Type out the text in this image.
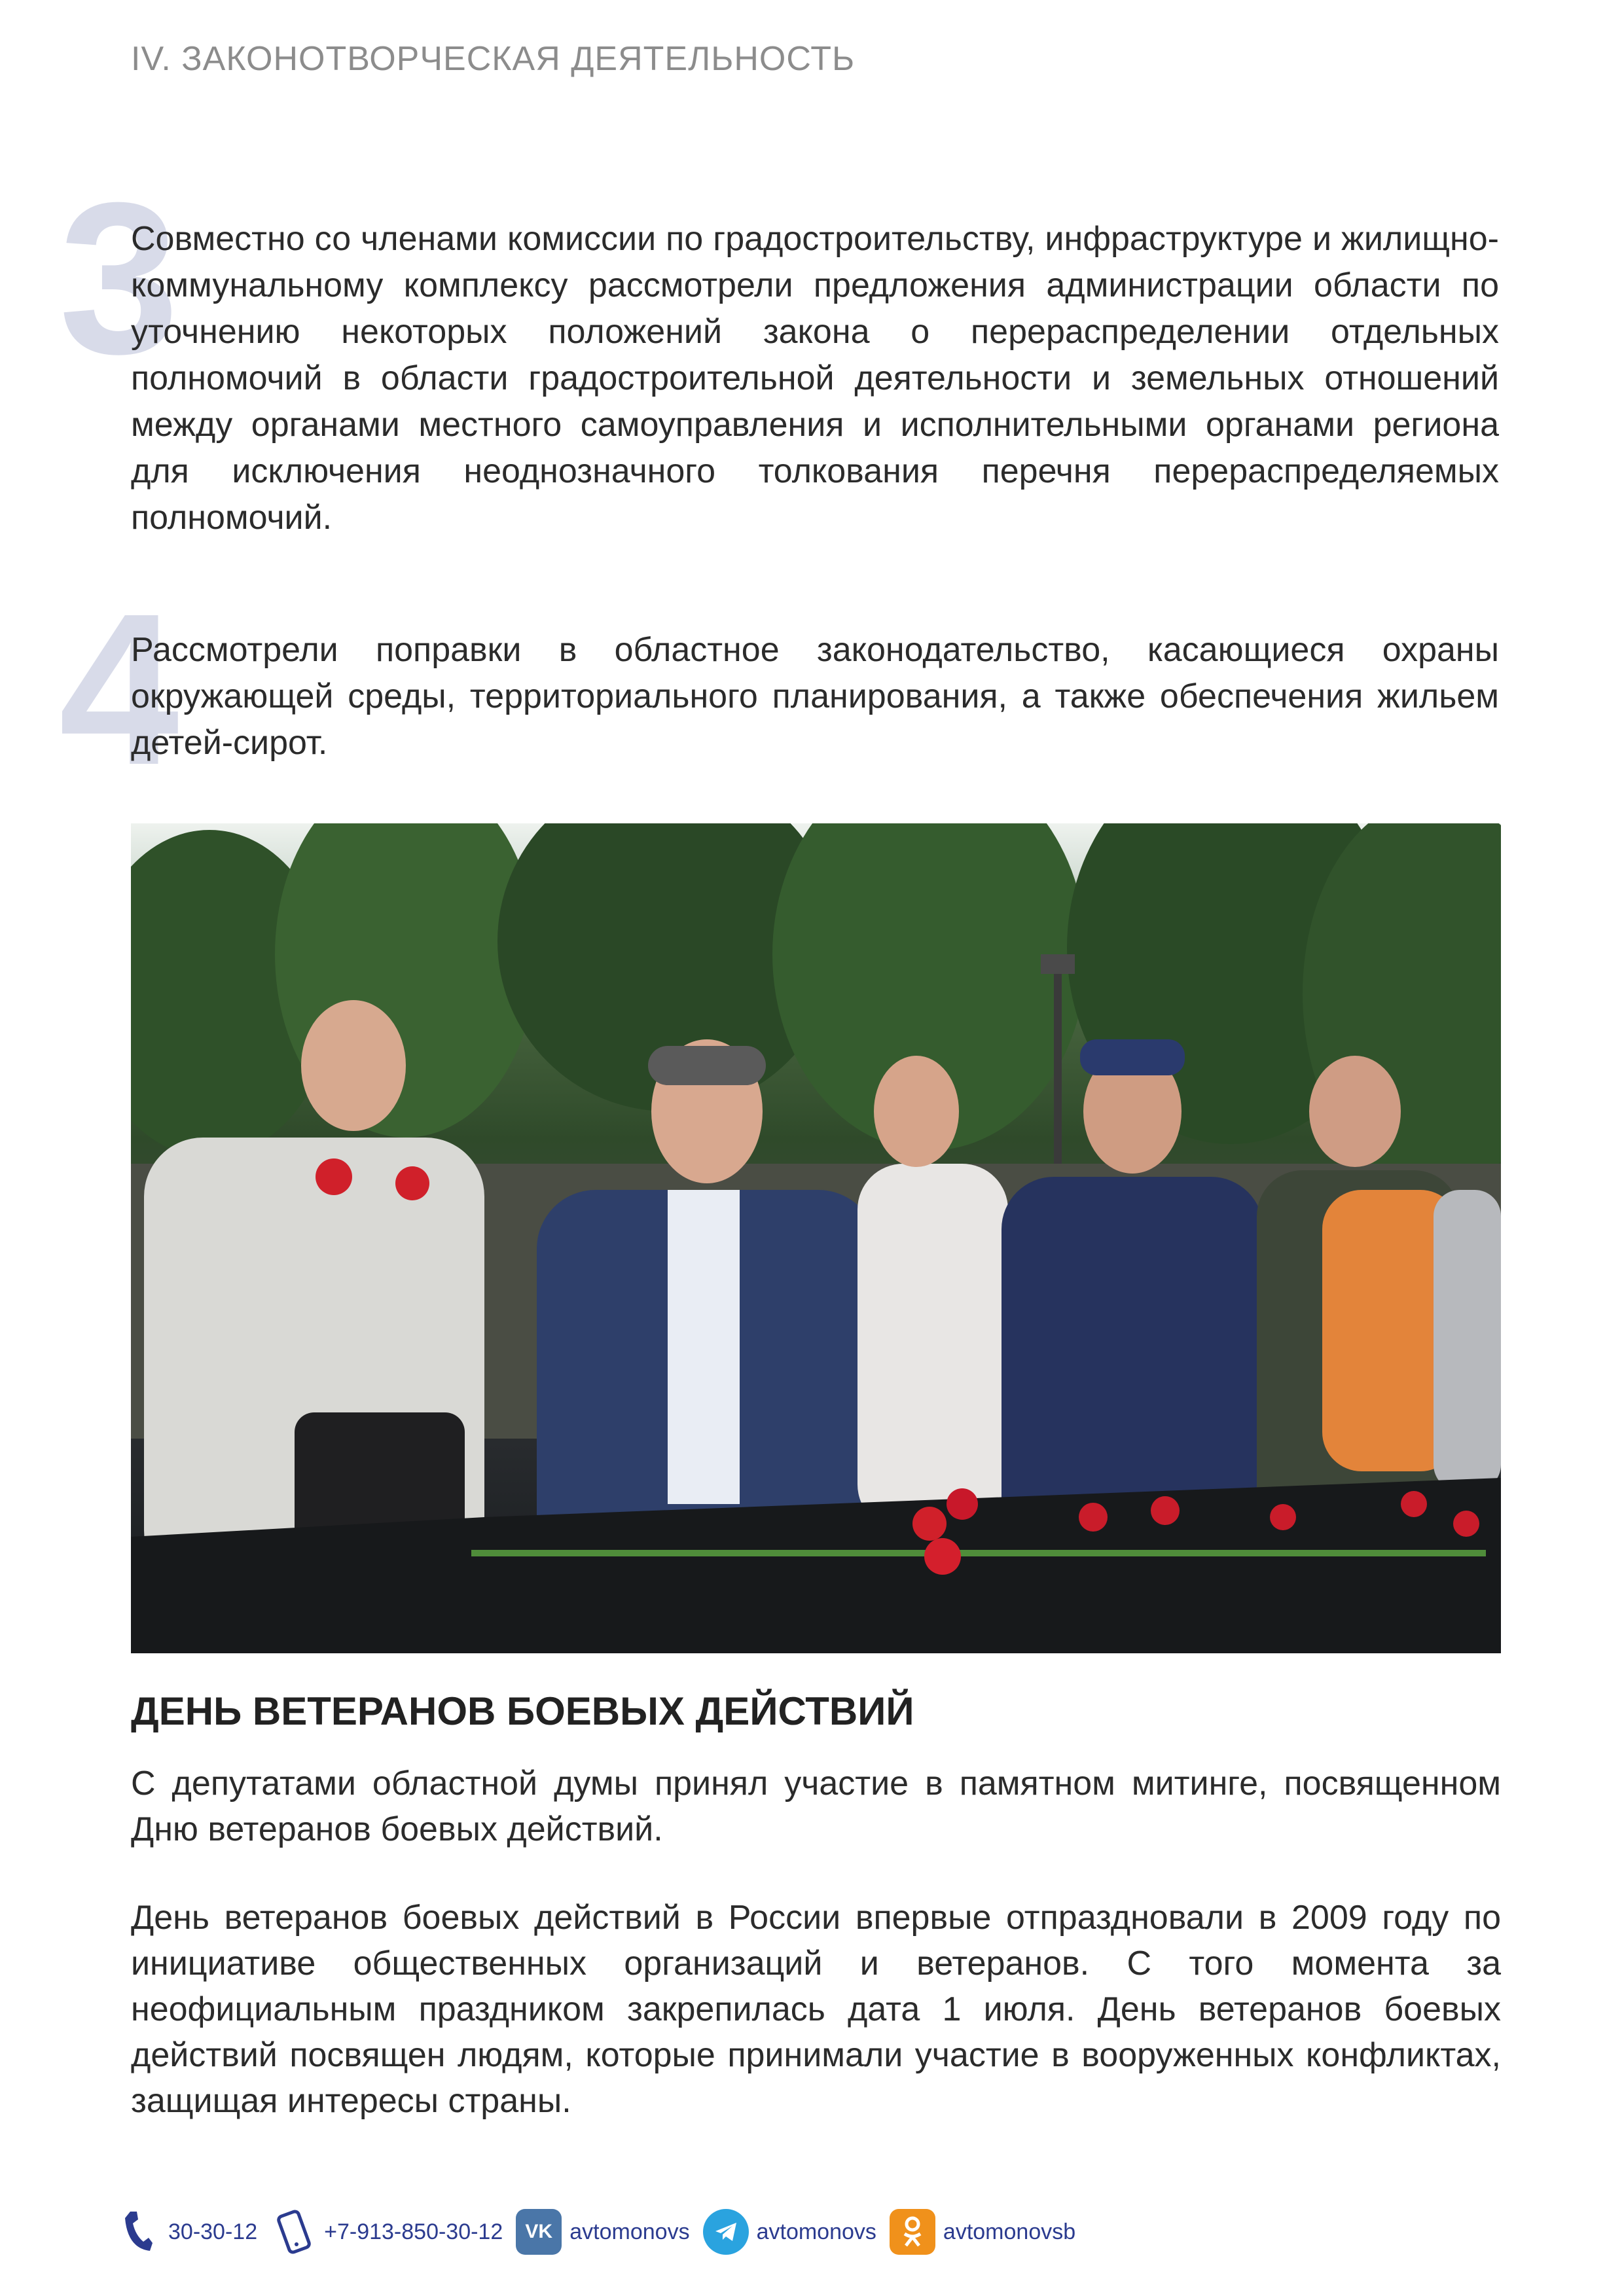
IV. ЗАКОНОТВОРЧЕСКАЯ ДЕЯТЕЛЬНОСТЬ
3
Совместно со членами комиссии по градостроительству, инфраструктуре и жилищно-коммунальному комплексу рассмотрели предложения администрации области по уточнению некоторых положений закона о перераспределении отдельных полномочий в области градостроительной деятельности и земельных отношений между органами местного самоуправления и исполнительными органами региона для исключения неоднозначного толкования перечня перераспределяемых полномочий.
4
Рассмотрели поправки в областное законодательство, касающиеся охраны окружающей среды, территориального планирования, а также обеспечения жильем детей-сирот.
ДЕНЬ ВЕТЕРАНОВ БОЕВЫХ ДЕЙСТВИЙ
С депутатами областной думы принял участие в памятном митинге, посвященном Дню ветеранов боевых действий.
День ветеранов боевых действий в России впервые отпраздновали в 2009 году по инициативе общественных организаций и ветеранов. С того момента за неофициальным праздником закрепилась дата 1 июля. День ветеранов боевых действий посвящен людям, которые принимали участие в вооруженных конфликтах, защищая интересы страны.
30-30-12	+7-913-850-30-12	VK avtomonovs	avtomonovs	avtomonovsb
